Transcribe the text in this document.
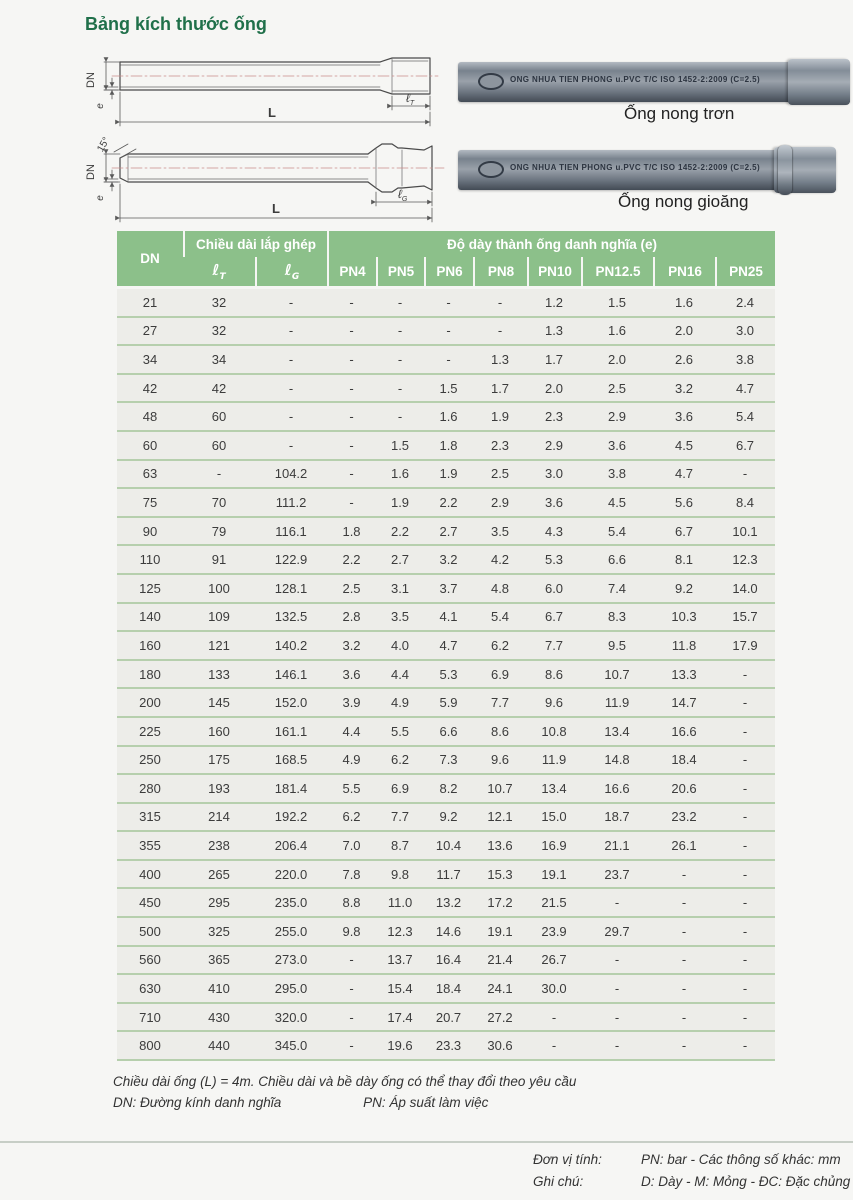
Bảng kích thước ống
DN
e
ℓ$_T$
L
15°
DN
e	ℓ$_G$
L
ONG NHUA TIEN PHONG u.PVC T/C ISO 1452-2:2009 (C=2.5)
Ống nong trơn
ONG NHUA TIEN PHONG u.PVC T/C ISO 1452-2:2009 (C=2.5)
Ống nong gioăng
DN	Chiều dài lắp ghép		Độ dày thành ống danh nghĩa (e)							
	ℓ$_T$	ℓ$_G$	PN4	PN5	PN6	PN8	PN10	PN12.5	PN16	PN25
21	32	-	-	-	-	-	1.2	1.5	1.6	2.4
27	32	-	-	-	-	-	1.3	1.6	2.0	3.0
34	34	-	-	-	-	1.3	1.7	2.0	2.6	3.8
42	42	-	-	-	1.5	1.7	2.0	2.5	3.2	4.7
48	60	-	-	-	1.6	1.9	2.3	2.9	3.6	5.4
60	60	-	-	1.5	1.8	2.3	2.9	3.6	4.5	6.7
63	-	104.2	-	1.6	1.9	2.5	3.0	3.8	4.7	-
75	70	111.2	-	1.9	2.2	2.9	3.6	4.5	5.6	8.4
90	79	116.1	1.8	2.2	2.7	3.5	4.3	5.4	6.7	10.1
110	91	122.9	2.2	2.7	3.2	4.2	5.3	6.6	8.1	12.3
125	100	128.1	2.5	3.1	3.7	4.8	6.0	7.4	9.2	14.0
140	109	132.5	2.8	3.5	4.1	5.4	6.7	8.3	10.3	15.7
160	121	140.2	3.2	4.0	4.7	6.2	7.7	9.5	11.8	17.9
180	133	146.1	3.6	4.4	5.3	6.9	8.6	10.7	13.3	-
200	145	152.0	3.9	4.9	5.9	7.7	9.6	11.9	14.7	-
225	160	161.1	4.4	5.5	6.6	8.6	10.8	13.4	16.6	-
250	175	168.5	4.9	6.2	7.3	9.6	11.9	14.8	18.4	-
280	193	181.4	5.5	6.9	8.2	10.7	13.4	16.6	20.6	-
315	214	192.2	6.2	7.7	9.2	12.1	15.0	18.7	23.2	-
355	238	206.4	7.0	8.7	10.4	13.6	16.9	21.1	26.1	-
400	265	220.0	7.8	9.8	11.7	15.3	19.1	23.7	-	-
450	295	235.0	8.8	11.0	13.2	17.2	21.5	-	-	-
500	325	255.0	9.8	12.3	14.6	19.1	23.9	29.7	-	-
560	365	273.0	-	13.7	16.4	21.4	26.7	-	-	-
630	410	295.0	-	15.4	18.4	24.1	30.0	-	-	-
710	430	320.0	-	17.4	20.7	27.2	-	-	-	-
800	440	345.0	-	19.6	23.3	30.6	-	-	-	-
Chiều dài ống (L) = 4m. Chiều dài và bề dày ống có thể thay đổi theo yêu cầu
DN: Đường kính danh nghĩa	PN: Áp suất làm việc
Đơn vị tính:	PN: bar - Các thông số khác: mm
Ghi chú:	D: Dày - M: Mỏng - ĐC: Đặc chủng
